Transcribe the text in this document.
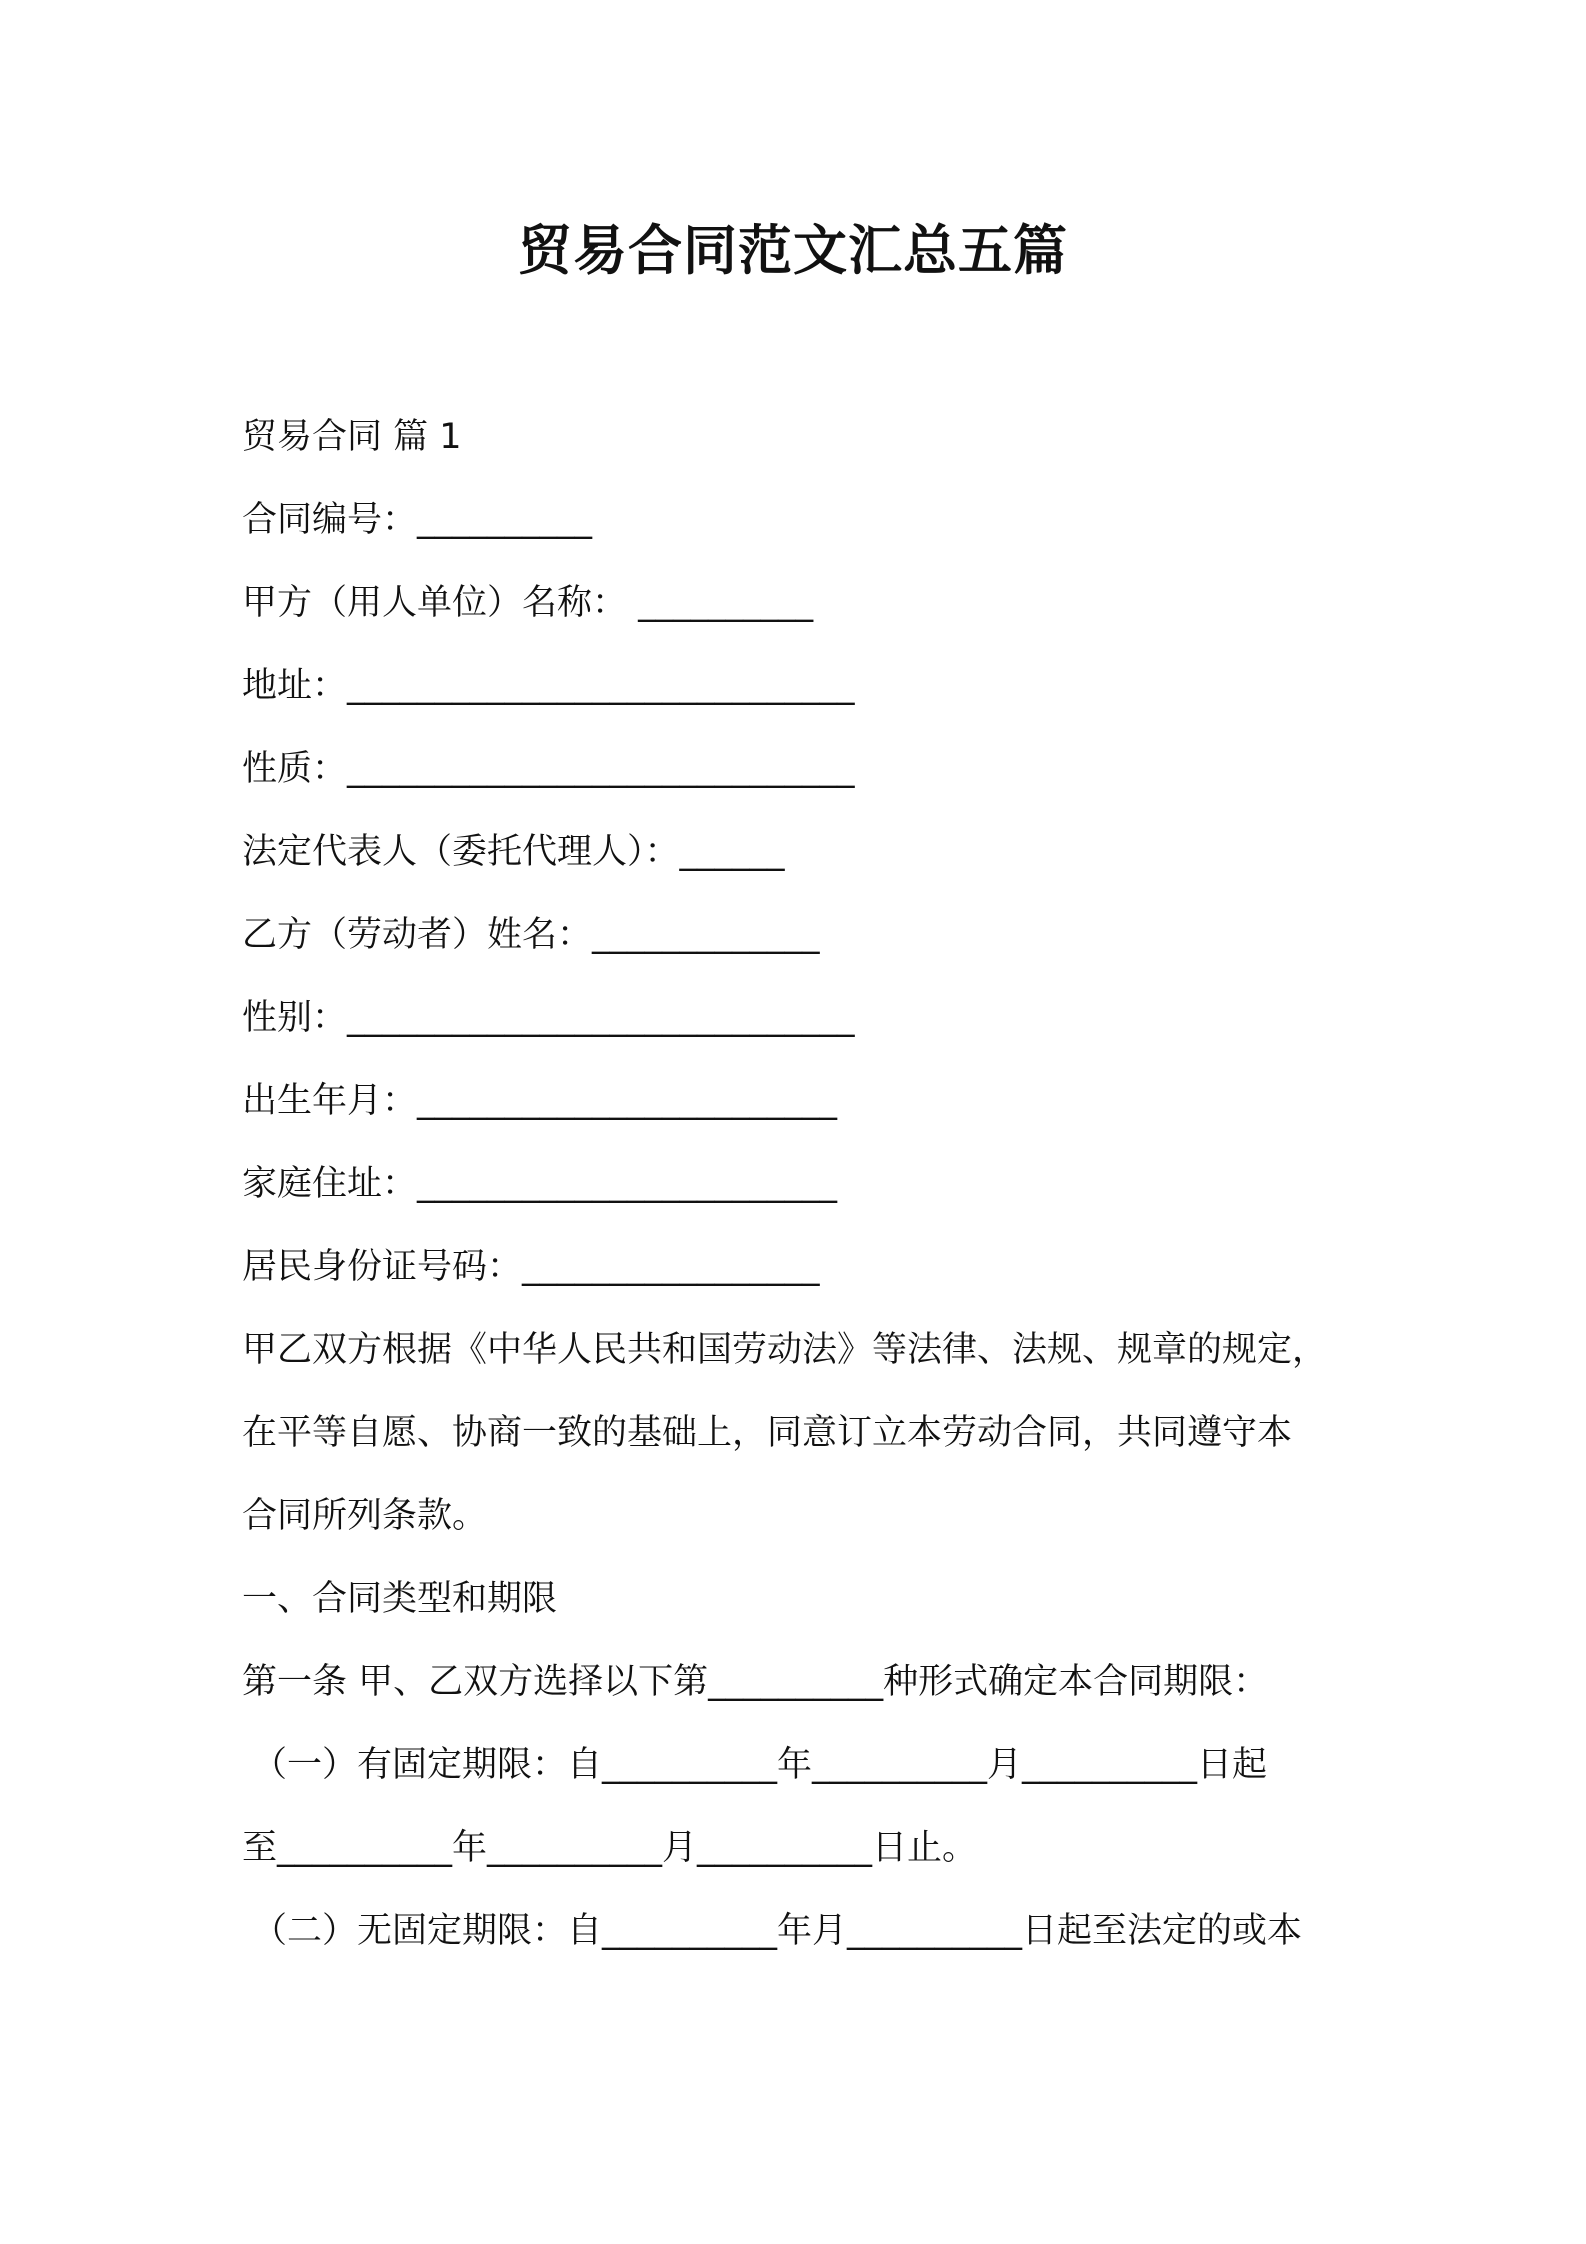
贸易合同范文汇总五篇

贸易合同 篇 1

合同编号：__________

甲方（用人单位）名称： __________

地址：_____________________________

性质：_____________________________

法定代表人（委托代理人）：______

乙方（劳动者）姓名：_____________

性别：_____________________________

出生年月：________________________

家庭住址：________________________

居民身份证号码：_________________

甲乙双方根据《中华人民共和国劳动法》等法律、法规、规章的规定，

在平等自愿、协商一致的基础上，同意订立本劳动合同，共同遵守本

合同所列条款。

一、合同类型和期限

第一条 甲、乙双方选择以下第__________种形式确定本合同期限：

（一）有固定期限：自__________年__________月__________日起

至__________年__________月__________日止。

（二）无固定期限：自__________年月__________日起至法定的或本
